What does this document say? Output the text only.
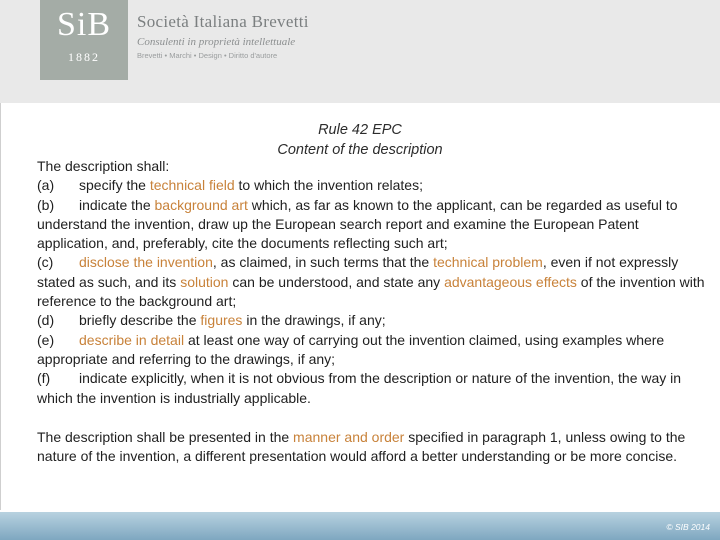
SiB
1882
Società Italiana Brevetti
Consulenti in proprietà intellettuale
Brevetti • Marchi • Design • Diritto d'autore
Rule 42 EPC
Content of the description
The description shall:
(a) specify the technical field to which the invention relates;
(b) indicate the background art which, as far as known to the applicant, can be regarded as useful to understand the invention, draw up the European search report and examine the European Patent application, and, preferably, cite the documents reflecting such art;
(c) disclose the invention, as claimed, in such terms that the technical problem, even if not expressly stated as such, and its solution can be understood, and state any advantageous effects of the invention with reference to the background art;
(d) briefly describe the figures in the drawings, if any;
(e) describe in detail at least one way of carrying out the invention claimed, using examples where appropriate and referring to the drawings, if any;
(f) indicate explicitly, when it is not obvious from the description or nature of the invention, the way in which the invention is industrially applicable.
The description shall be presented in the manner and order specified in paragraph 1, unless owing to the nature of the invention, a different presentation would afford a better understanding or be more concise.
© SIB 2014
